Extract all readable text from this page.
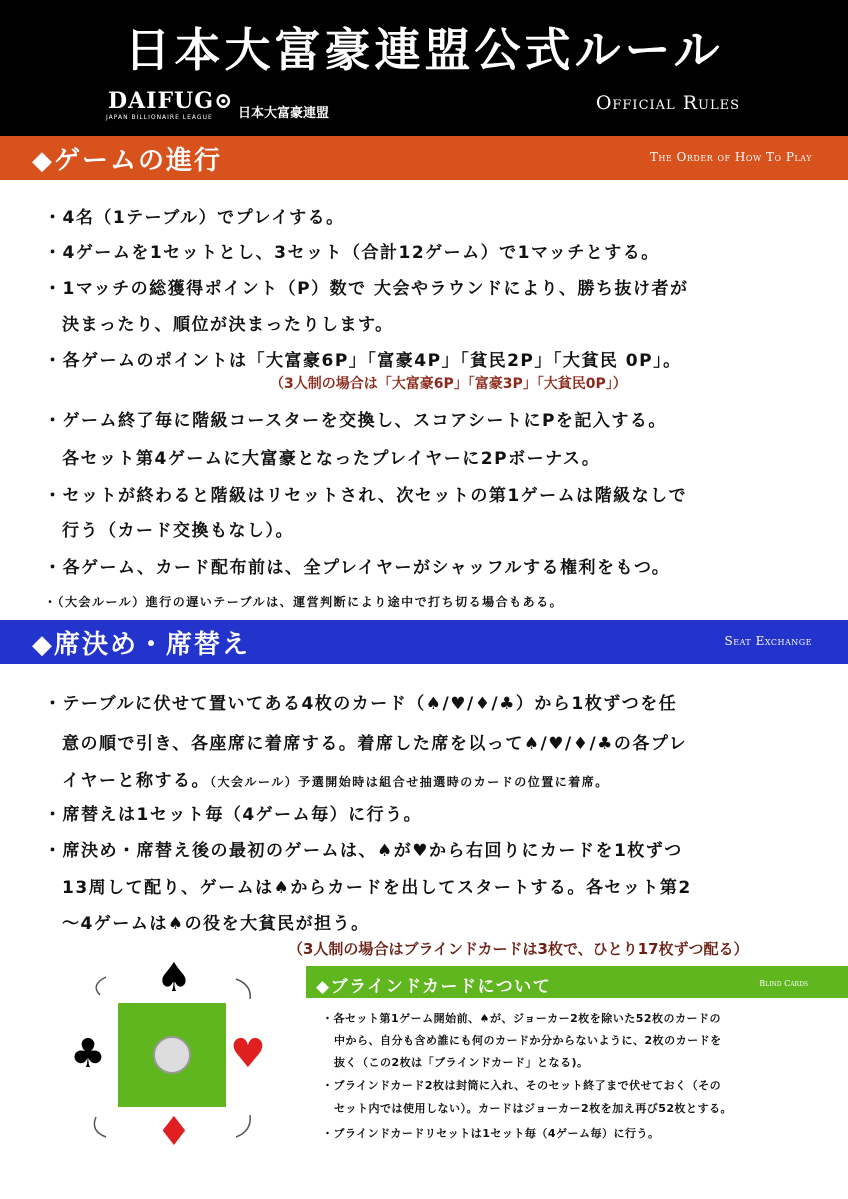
日本大富豪連盟公式ルール
DAIFUG⊙
JAPAN BILLIONAIRE LEAGUE 日本大富豪連盟	Official Rules
◆ゲームの進行	The Order of How To Play
・4名（1テーブル）でプレイする。
・4ゲームを1セットとし、3セット（合計12ゲーム）で1マッチとする。
・1マッチの総獲得ポイント（P）数で 大会やラウンドにより、勝ち抜け者が
決まったり、順位が決まったりします。
・各ゲームのポイントは「大富豪6P」「富豪4P」「貧民2P」「大貧民 0P」。
（3人制の場合は「大富豪6P」「富豪3P」「大貧民0P」）
・ゲーム終了毎に階級コースターを交換し、スコアシートにPを記入する。
各セット第4ゲームに大富豪となったプレイヤーに2Pボーナス。
・セットが終わると階級はリセットされ、次セットの第1ゲームは階級なしで
行う（カード交換もなし）。
・各ゲーム、カード配布前は、全プレイヤーがシャッフルする権利をもつ。
・（大会ルール）進行の遅いテーブルは、運営判断により途中で打ち切る場合もある。
◆席決め・席替え	Seat Exchange
・テーブルに伏せて置いてある4枚のカード（♠/♥/♦/♣）から1枚ずつを任
意の順で引き、各座席に着席する。着席した席を以って♠/♥/♦/♣の各プレ
イヤーと称する。（大会ルール）予選開始時は組合せ抽選時のカードの位置に着席。
・席替えは1セット毎（4ゲーム毎）に行う。
・席決め・席替え後の最初のゲームは、♠が♥から右回りにカードを1枚ずつ
13周して配り、ゲームは♠からカードを出してスタートする。各セット第2
～4ゲームは♠の役を大貧民が担う。
（3人制の場合はブラインドカードは3枚で、ひとり17枚ずつ配る）
♠
♥
♦
♣
◆ブラインドカードについて	Blind Cards
・各セット第1ゲーム開始前、♠が、ジョーカー2枚を除いた52枚のカードの
中から、自分も含め誰にも何のカードか分からないように、2枚のカードを
抜く（この2枚は「ブラインドカード」となる)。
・ブラインドカード2枚は封筒に入れ、そのセット終了まで伏せておく（その
セット内では使用しない）。カードはジョーカー2枚を加え再び52枚とする。
・ブラインドカードリセットは1セット毎（4ゲーム毎）に行う。
